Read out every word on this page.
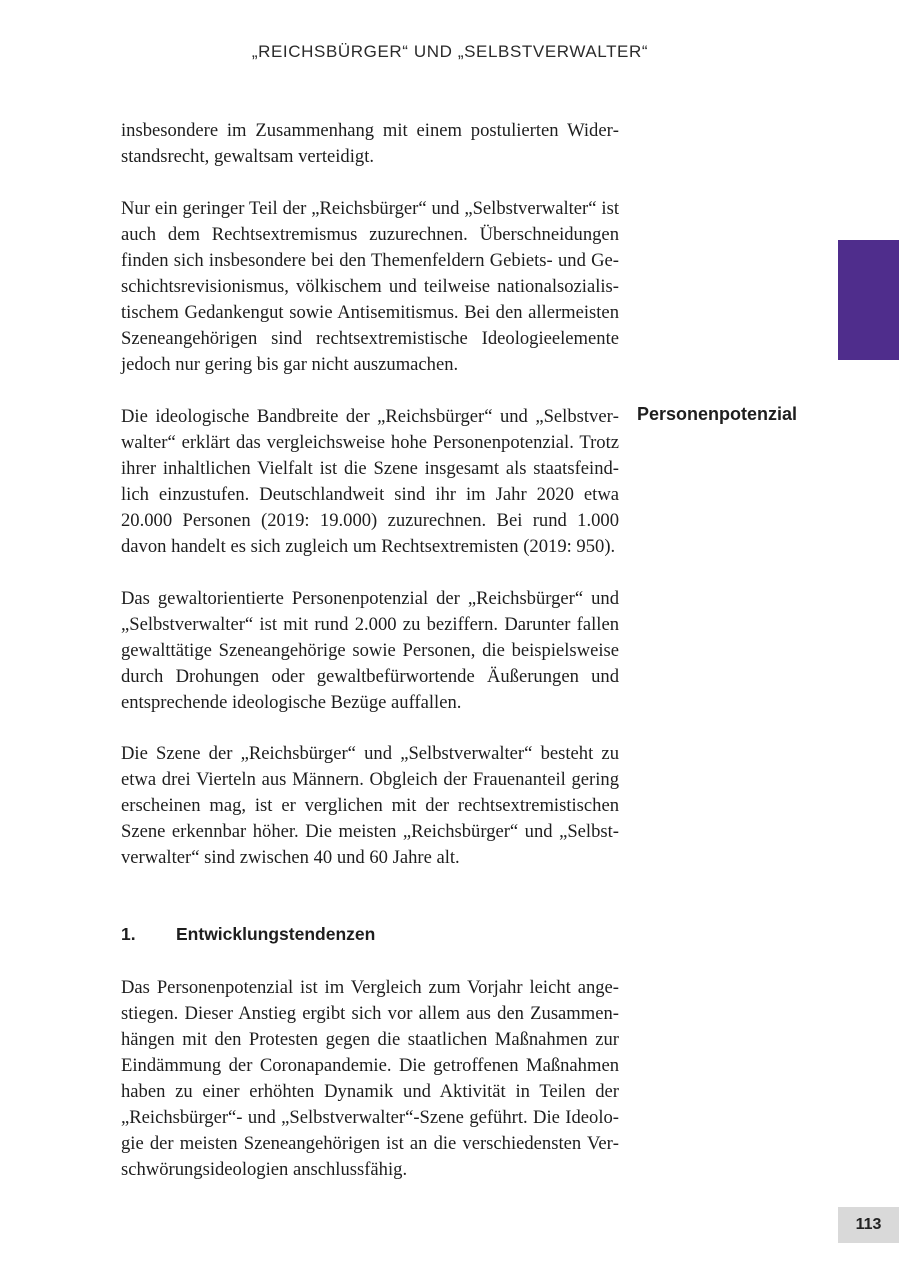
„REICHSBÜRGER“ UND „SELBSTVERWALTER“

insbesondere im Zusammenhang mit einem postulierten Widerstandsrecht, gewaltsam verteidigt.

Nur ein geringer Teil der „Reichsbürger“ und „Selbstverwalter“ ist auch dem Rechtsextremismus zuzurechnen. Überschneidungen finden sich insbesondere bei den Themenfeldern Gebiets- und Geschichtsrevisionismus, völkischem und teilweise nationalsozialistischem Gedankengut sowie Antisemitismus. Bei den allermeisten Szeneangehörigen sind rechtsextremistische Ideologieelemente jedoch nur gering bis gar nicht auszumachen.

Die ideologische Bandbreite der „Reichsbürger“ und „Selbstverwalter“ erklärt das vergleichsweise hohe Personenpotenzial. Trotz ihrer inhaltlichen Vielfalt ist die Szene insgesamt als staatsfeindlich einzustufen. Deutschlandweit sind ihr im Jahr 2020 etwa 20.000 Personen (2019: 19.000) zuzurechnen. Bei rund 1.000 davon handelt es sich zugleich um Rechtsextremisten (2019: 950).

Personenpotenzial

Das gewaltorientierte Personenpotenzial der „Reichsbürger“ und „Selbstverwalter“ ist mit rund 2.000 zu beziffern. Darunter fallen gewalttätige Szeneangehörige sowie Personen, die beispielsweise durch Drohungen oder gewaltbefürwortende Äußerungen und entsprechende ideologische Bezüge auffallen.

Die Szene der „Reichsbürger“ und „Selbstverwalter“ besteht zu etwa drei Vierteln aus Männern. Obgleich der Frauenanteil gering erscheinen mag, ist er verglichen mit der rechtsextremistischen Szene erkennbar höher. Die meisten „Reichsbürger“ und „Selbstverwalter“ sind zwischen 40 und 60 Jahre alt.

1. Entwicklungstendenzen

Das Personenpotenzial ist im Vergleich zum Vorjahr leicht angestiegen. Dieser Anstieg ergibt sich vor allem aus den Zusammenhängen mit den Protesten gegen die staatlichen Maßnahmen zur Eindämmung der Coronapandemie. Die getroffenen Maßnahmen haben zu einer erhöhten Dynamik und Aktivität in Teilen der „Reichsbürger“- und „Selbstverwalter“-Szene geführt. Die Ideologie der meisten Szeneangehörigen ist an die verschiedensten Verschwörungsideologien anschlussfähig.

113
